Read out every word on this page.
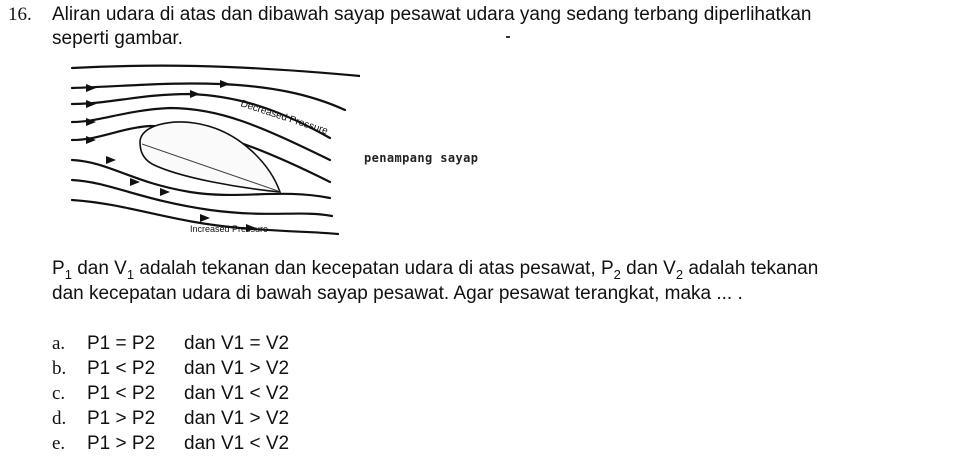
16. Aliran udara di atas dan dibawah sayap pesawat udara yang sedang terbang diperlihatkan
seperti gambar.
Decreased Pressure
Increased Pressure
penampang sayap
$P_1$ dan $V_1$ adalah tekanan dan kecepatan udara di atas pesawat, $P_2$ dan $V_2$ adalah tekanan
dan kecepatan udara di bawah sayap pesawat. Agar pesawat terangkat, maka ... .
a. P1 = P2 dan V1 = V2
b. P1 < P2 dan V1 > V2
c. P1 < P2 dan V1 < V2
d. P1 > P2 dan V1 > V2
e. P1 > P2 dan V1 < V2
